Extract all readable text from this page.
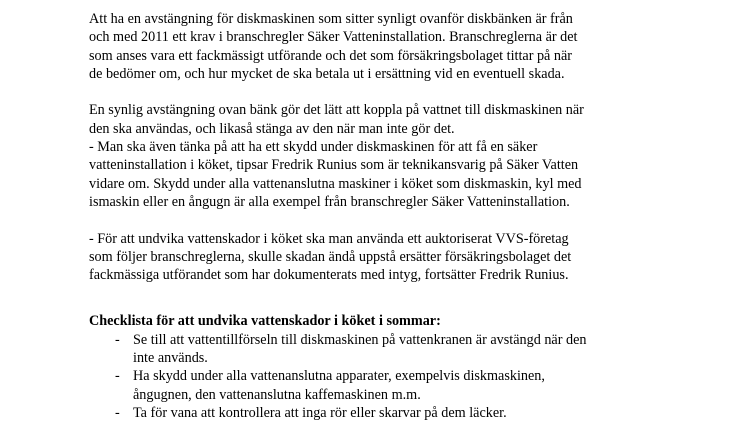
Att ha en avstängning för diskmaskinen som sitter synligt ovanför diskbänken är från

och med 2011 ett krav i branschregler Säker Vatteninstallation. Branschreglerna är det

som anses vara ett fackmässigt utförande och det som försäkringsbolaget tittar på när

de bedömer om, och hur mycket de ska betala ut i ersättning vid en eventuell skada.

En synlig avstängning ovan bänk gör det lätt att koppla på vattnet till diskmaskinen när

den ska användas, och likaså stänga av den när man inte gör det.

- Man ska även tänka på att ha ett skydd under diskmaskinen för att få en säker

vatteninstallation i köket, tipsar Fredrik Runius som är teknikansvarig på Säker Vatten

vidare om. Skydd under alla vattenanslutna maskiner i köket som diskmaskin, kyl med

ismaskin eller en ångugn är alla exempel från branschregler Säker Vatteninstallation.

- För att undvika vattenskador i köket ska man använda ett auktoriserat VVS-företag

som följer branschreglerna, skulle skadan ändå uppstå ersätter försäkringsbolaget det

fackmässiga utförandet som har dokumenterats med intyg, fortsätter Fredrik Runius.

Checklista för att undvika vattenskador i köket i sommar:

- Se till att vattentillförseln till diskmaskinen på vattenkranen är avstängd när den

inte används.

- Ha skydd under alla vattenanslutna apparater, exempelvis diskmaskinen,

ångugnen, den vattenanslutna kaffemaskinen m.m.

- Ta för vana att kontrollera att inga rör eller skarvar på dem läcker.
